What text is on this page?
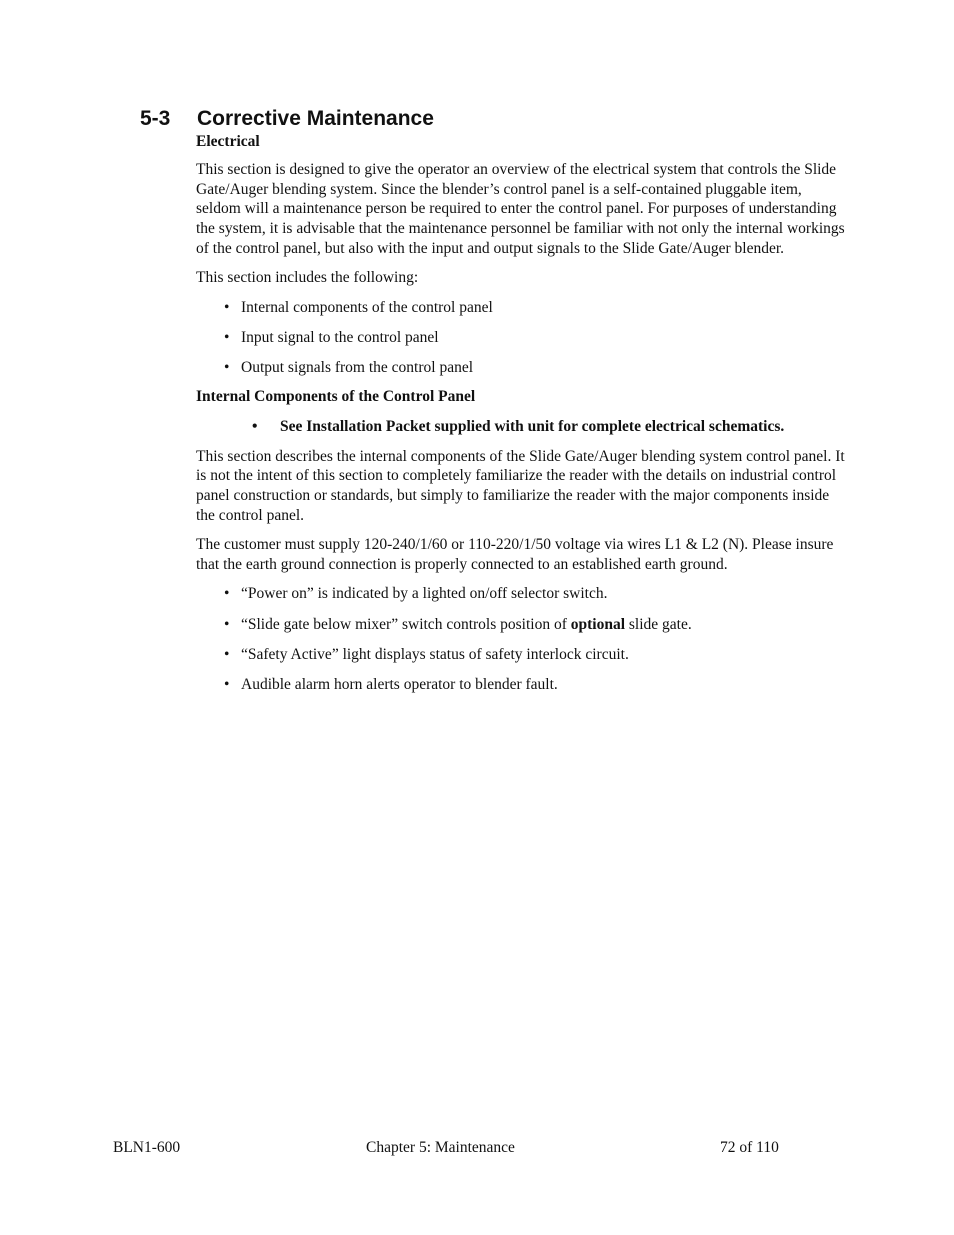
5-3 Corrective Maintenance

Electrical

This section is designed to give the operator an overview of the electrical system that controls the Slide Gate/Auger blending system. Since the blender’s control panel is a self-contained pluggable item, seldom will a maintenance person be required to enter the control panel. For purposes of understanding the system, it is advisable that the maintenance personnel be familiar with not only the internal workings of the control panel, but also with the input and output signals to the Slide Gate/Auger blender.

This section includes the following:

• Internal components of the control panel
• Input signal to the control panel
• Output signals from the control panel

Internal Components of the Control Panel

• See Installation Packet supplied with unit for complete electrical schematics.

This section describes the internal components of the Slide Gate/Auger blending system control panel. It is not the intent of this section to completely familiarize the reader with the details on industrial control panel construction or standards, but simply to familiarize the reader with the major components inside the control panel.

The customer must supply 120-240/1/60 or 110-220/1/50 voltage via wires L1 & L2 (N). Please insure that the earth ground connection is properly connected to an established earth ground.

• “Power on” is indicated by a lighted on/off selector switch.
• “Slide gate below mixer” switch controls position of optional slide gate.
• “Safety Active” light displays status of safety interlock circuit.
• Audible alarm horn alerts operator to blender fault.
BLN1-600	Chapter 5: Maintenance	72 of 110
